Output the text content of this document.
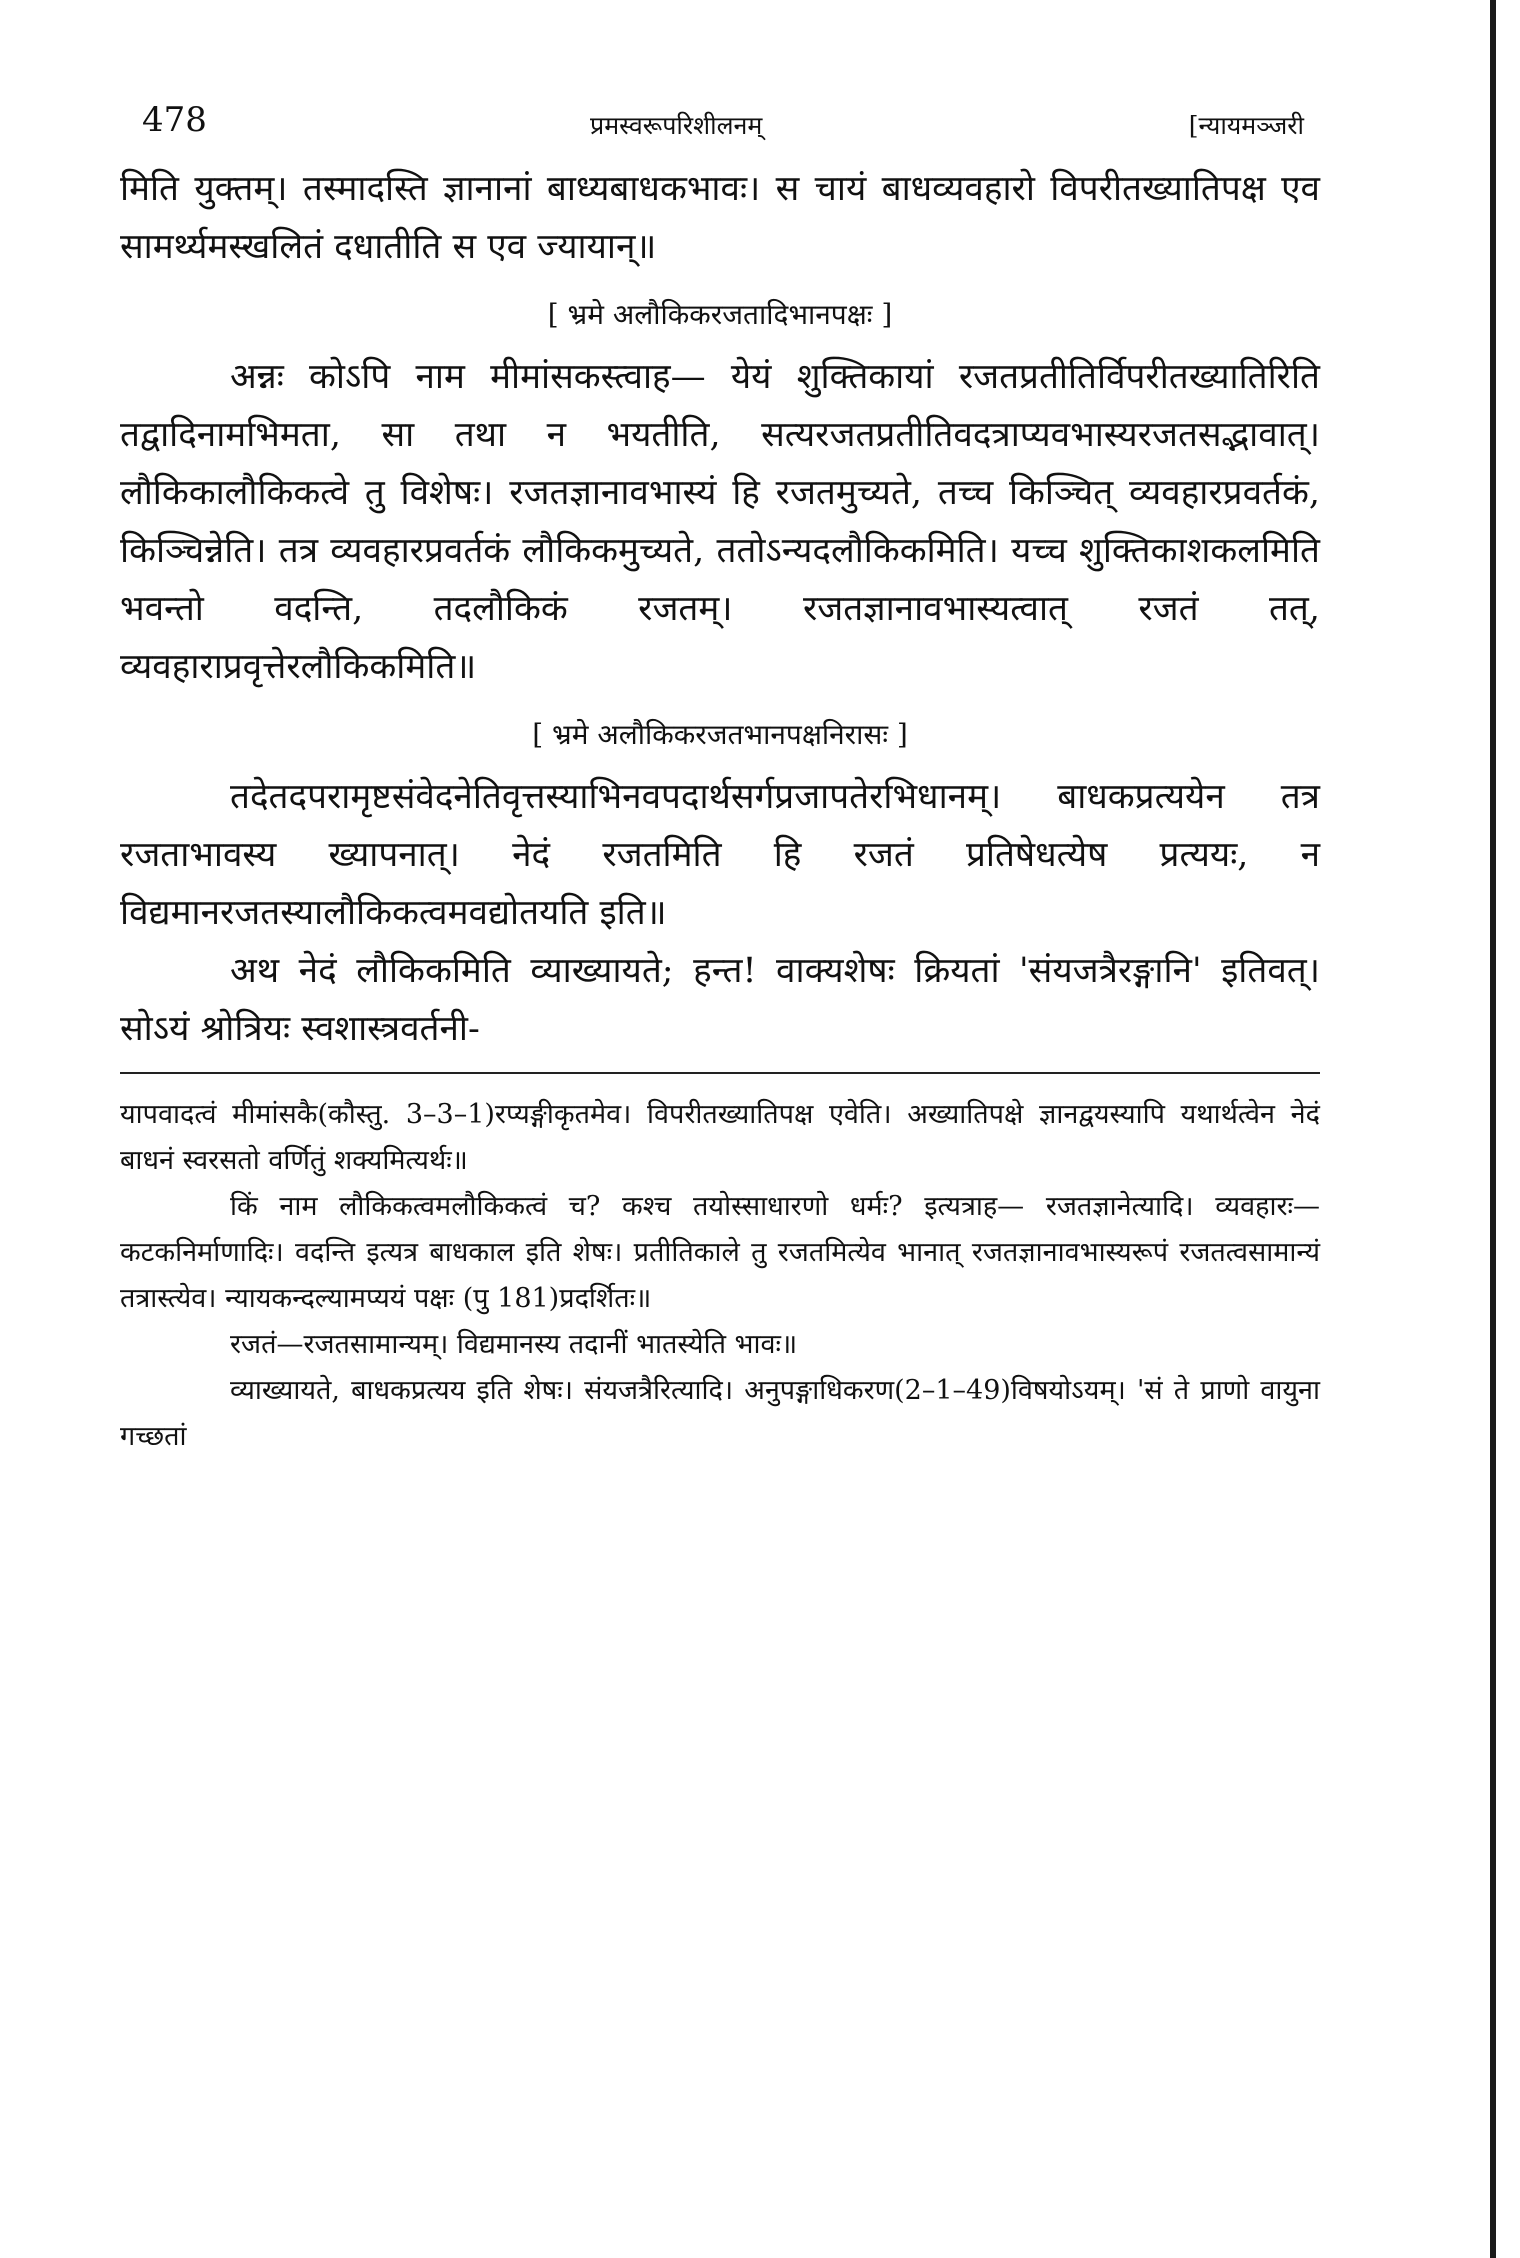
478	प्रमस्वरूपरिशीलनम्	[न्यायमञ्जरी

मिति युक्तम्। तस्मादस्ति ज्ञानानां बाध्यबाधकभावः। स चायं बाधव्यवहारो विपरीतख्यातिपक्ष एव सामर्थ्यमस्खलितं दधातीति स एव ज्यायान्॥

[ भ्रमे अलौकिकरजतादिभानपक्षः ]

अन्नः कोऽपि नाम मीमांसकस्त्वाह— येयं शुक्तिकायां रजतप्रतीतिर्विपरीतख्यातिरिति तद्वादिनामभिमता, सा तथा न भयतीति, सत्यरजतप्रतीतिवदत्राप्यवभास्यरजतसद्भावात्। लौकिकालौकिकत्वे तु विशेषः। रजतज्ञानावभास्यं हि रजतमुच्यते, तच्च किञ्चित् व्यवहारप्रवर्तकं, किञ्चिन्नेति। तत्र व्यवहारप्रवर्तकं लौकिकमुच्यते, ततोऽन्यदलौकिकमिति। यच्च शुक्तिकाशकलमिति भवन्तो वदन्ति, तदलौकिकं रजतम्। रजतज्ञानावभास्यत्वात् रजतं तत्, व्यवहाराप्रवृत्तेरलौकिकमिति॥

[ भ्रमे अलौकिकरजतभानपक्षनिरासः ]

तदेतदपरामृष्टसंवेदनेतिवृत्तस्याभिनवपदार्थसर्गप्रजापतेरभिधानम्। बाधकप्रत्ययेन तत्र रजताभावस्य ख्यापनात्। नेदं रजतमिति हि रजतं प्रतिषेधत्येष प्रत्ययः, न विद्यमानरजतस्यालौकिकत्वमवद्योतयति इति॥

अथ नेदं लौकिकमिति व्याख्यायते; हन्त! वाक्यशेषः क्रियतां 'संयजत्रैरङ्गानि' इतिवत्। सोऽयं श्रोत्रियः स्वशास्त्रवर्तनी-

यापवादत्वं मीमांसकै(कौस्तु. 3–3–1)रप्यङ्गीकृतमेव। विपरीतख्यातिपक्ष एवेति। अख्यातिपक्षे ज्ञानद्वयस्यापि यथार्थत्वेन नेदं बाधनं स्वरसतो वर्णितुं शक्यमित्यर्थः॥

किं नाम लौकिकत्वमलौकिकत्वं च? कश्च तयोस्साधारणो धर्मः? इत्यत्राह— रजतज्ञानेत्यादि। व्यवहारः—कटकनिर्माणादिः। वदन्ति इत्यत्र बाधकाल इति शेषः। प्रतीतिकाले तु रजतमित्येव भानात् रजतज्ञानावभास्यरूपं रजतत्वसामान्यं तत्रास्त्येव। न्यायकन्दल्यामप्ययं पक्षः (पु 181)प्रदर्शितः॥

रजतं—रजतसामान्यम्। विद्यमानस्य तदानीं भातस्येति भावः॥

व्याख्यायते, बाधकप्रत्यय इति शेषः। संयजत्रैरित्यादि। अनुपङ्गाधिकरण(2–1–49)विषयोऽयम्। 'सं ते प्राणो वायुना गच्छतां
